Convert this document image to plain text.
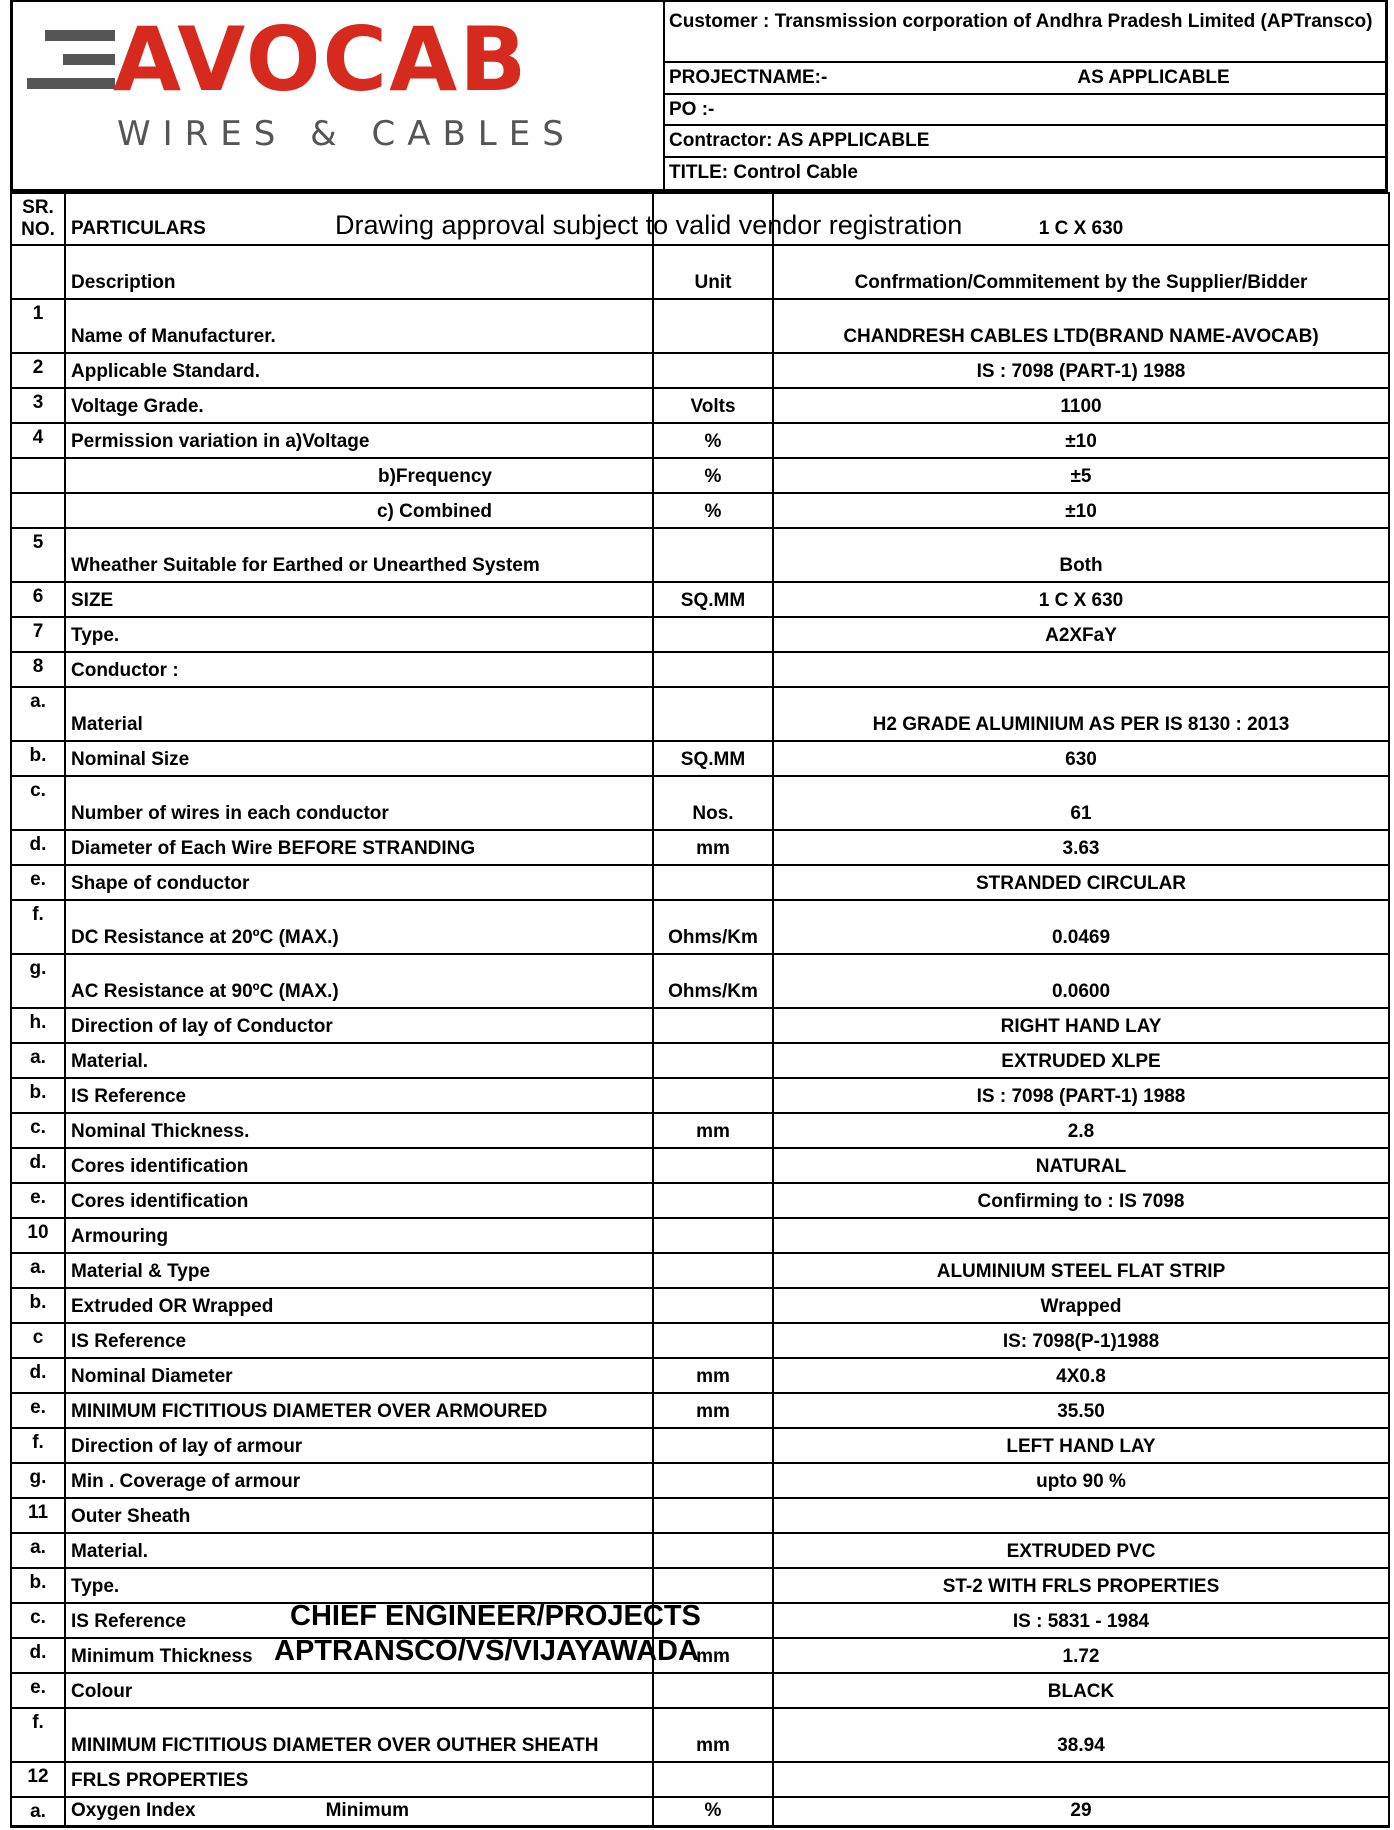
AVOCAB
WIRES & CABLES
Customer : Transmission corporation of Andhra Pradesh Limited (APTransco)
PROJECTNAME:-	AS APPLICABLE
PO :-
Contractor: AS APPLICABLE
TITLE: Control Cable
SR. NO.	PARTICULARS		1 C X 630
	Description	Unit	Confrmation/Commitement by the Supplier/Bidder
1	Name of Manufacturer.		CHANDRESH CABLES LTD(BRAND NAME-AVOCAB)
2	Applicable Standard.		IS : 7098 (PART-1) 1988
3	Voltage Grade.	Volts	1100
4	Permission variation in a)Voltage	%	±10
	b)Frequency	%	±5
	c) Combined	%	±10
5	Wheather Suitable for Earthed or Unearthed System		Both
6	SIZE	SQ.MM	1 C X 630
7	Type.		A2XFaY
8	Conductor :		
a.	Material		H2 GRADE ALUMINIUM AS PER IS 8130 : 2013
b.	Nominal Size	SQ.MM	630
c.	Number of wires in each conductor	Nos.	61
d.	Diameter of Each Wire BEFORE STRANDING	mm	3.63
e.	Shape of conductor		STRANDED CIRCULAR
f.	DC Resistance at 20ºC (MAX.)	Ohms/Km	0.0469
g.	AC Resistance at 90ºC (MAX.)	Ohms/Km	0.0600
h.	Direction of lay of Conductor		RIGHT HAND LAY
a.	Material.		EXTRUDED XLPE
b.	IS Reference		IS : 7098 (PART-1) 1988
c.	Nominal Thickness.	mm	2.8
d.	Cores identification		NATURAL
e.	Cores identification		Confirming to : IS 7098
10	Armouring		
a.	Material & Type		ALUMINIUM STEEL FLAT STRIP
b.	Extruded OR Wrapped		Wrapped
c	IS Reference		IS: 7098(P-1)1988
d.	Nominal Diameter	mm	4X0.8
e.	MINIMUM FICTITIOUS DIAMETER OVER ARMOURED	mm	35.50
f.	Direction of lay of armour		LEFT HAND LAY
g.	Min . Coverage of armour		upto 90 %
11	Outer Sheath		
a.	Material.		EXTRUDED PVC
b.	Type.		ST-2 WITH FRLS PROPERTIES
c.	IS Reference		IS : 5831 - 1984
d.	Minimum Thickness	mm	1.72
e.	Colour		BLACK
f.	MINIMUM FICTITIOUS DIAMETER OVER OUTHER SHEATH	mm	38.94
12	FRLS PROPERTIES		
a.	Oxygen Index Minimum	%	29
Drawing approval subject to valid vendor registration
CHIEF ENGINEER/PROJECTS
APTRANSCO/VS/VIJAYAWADA
